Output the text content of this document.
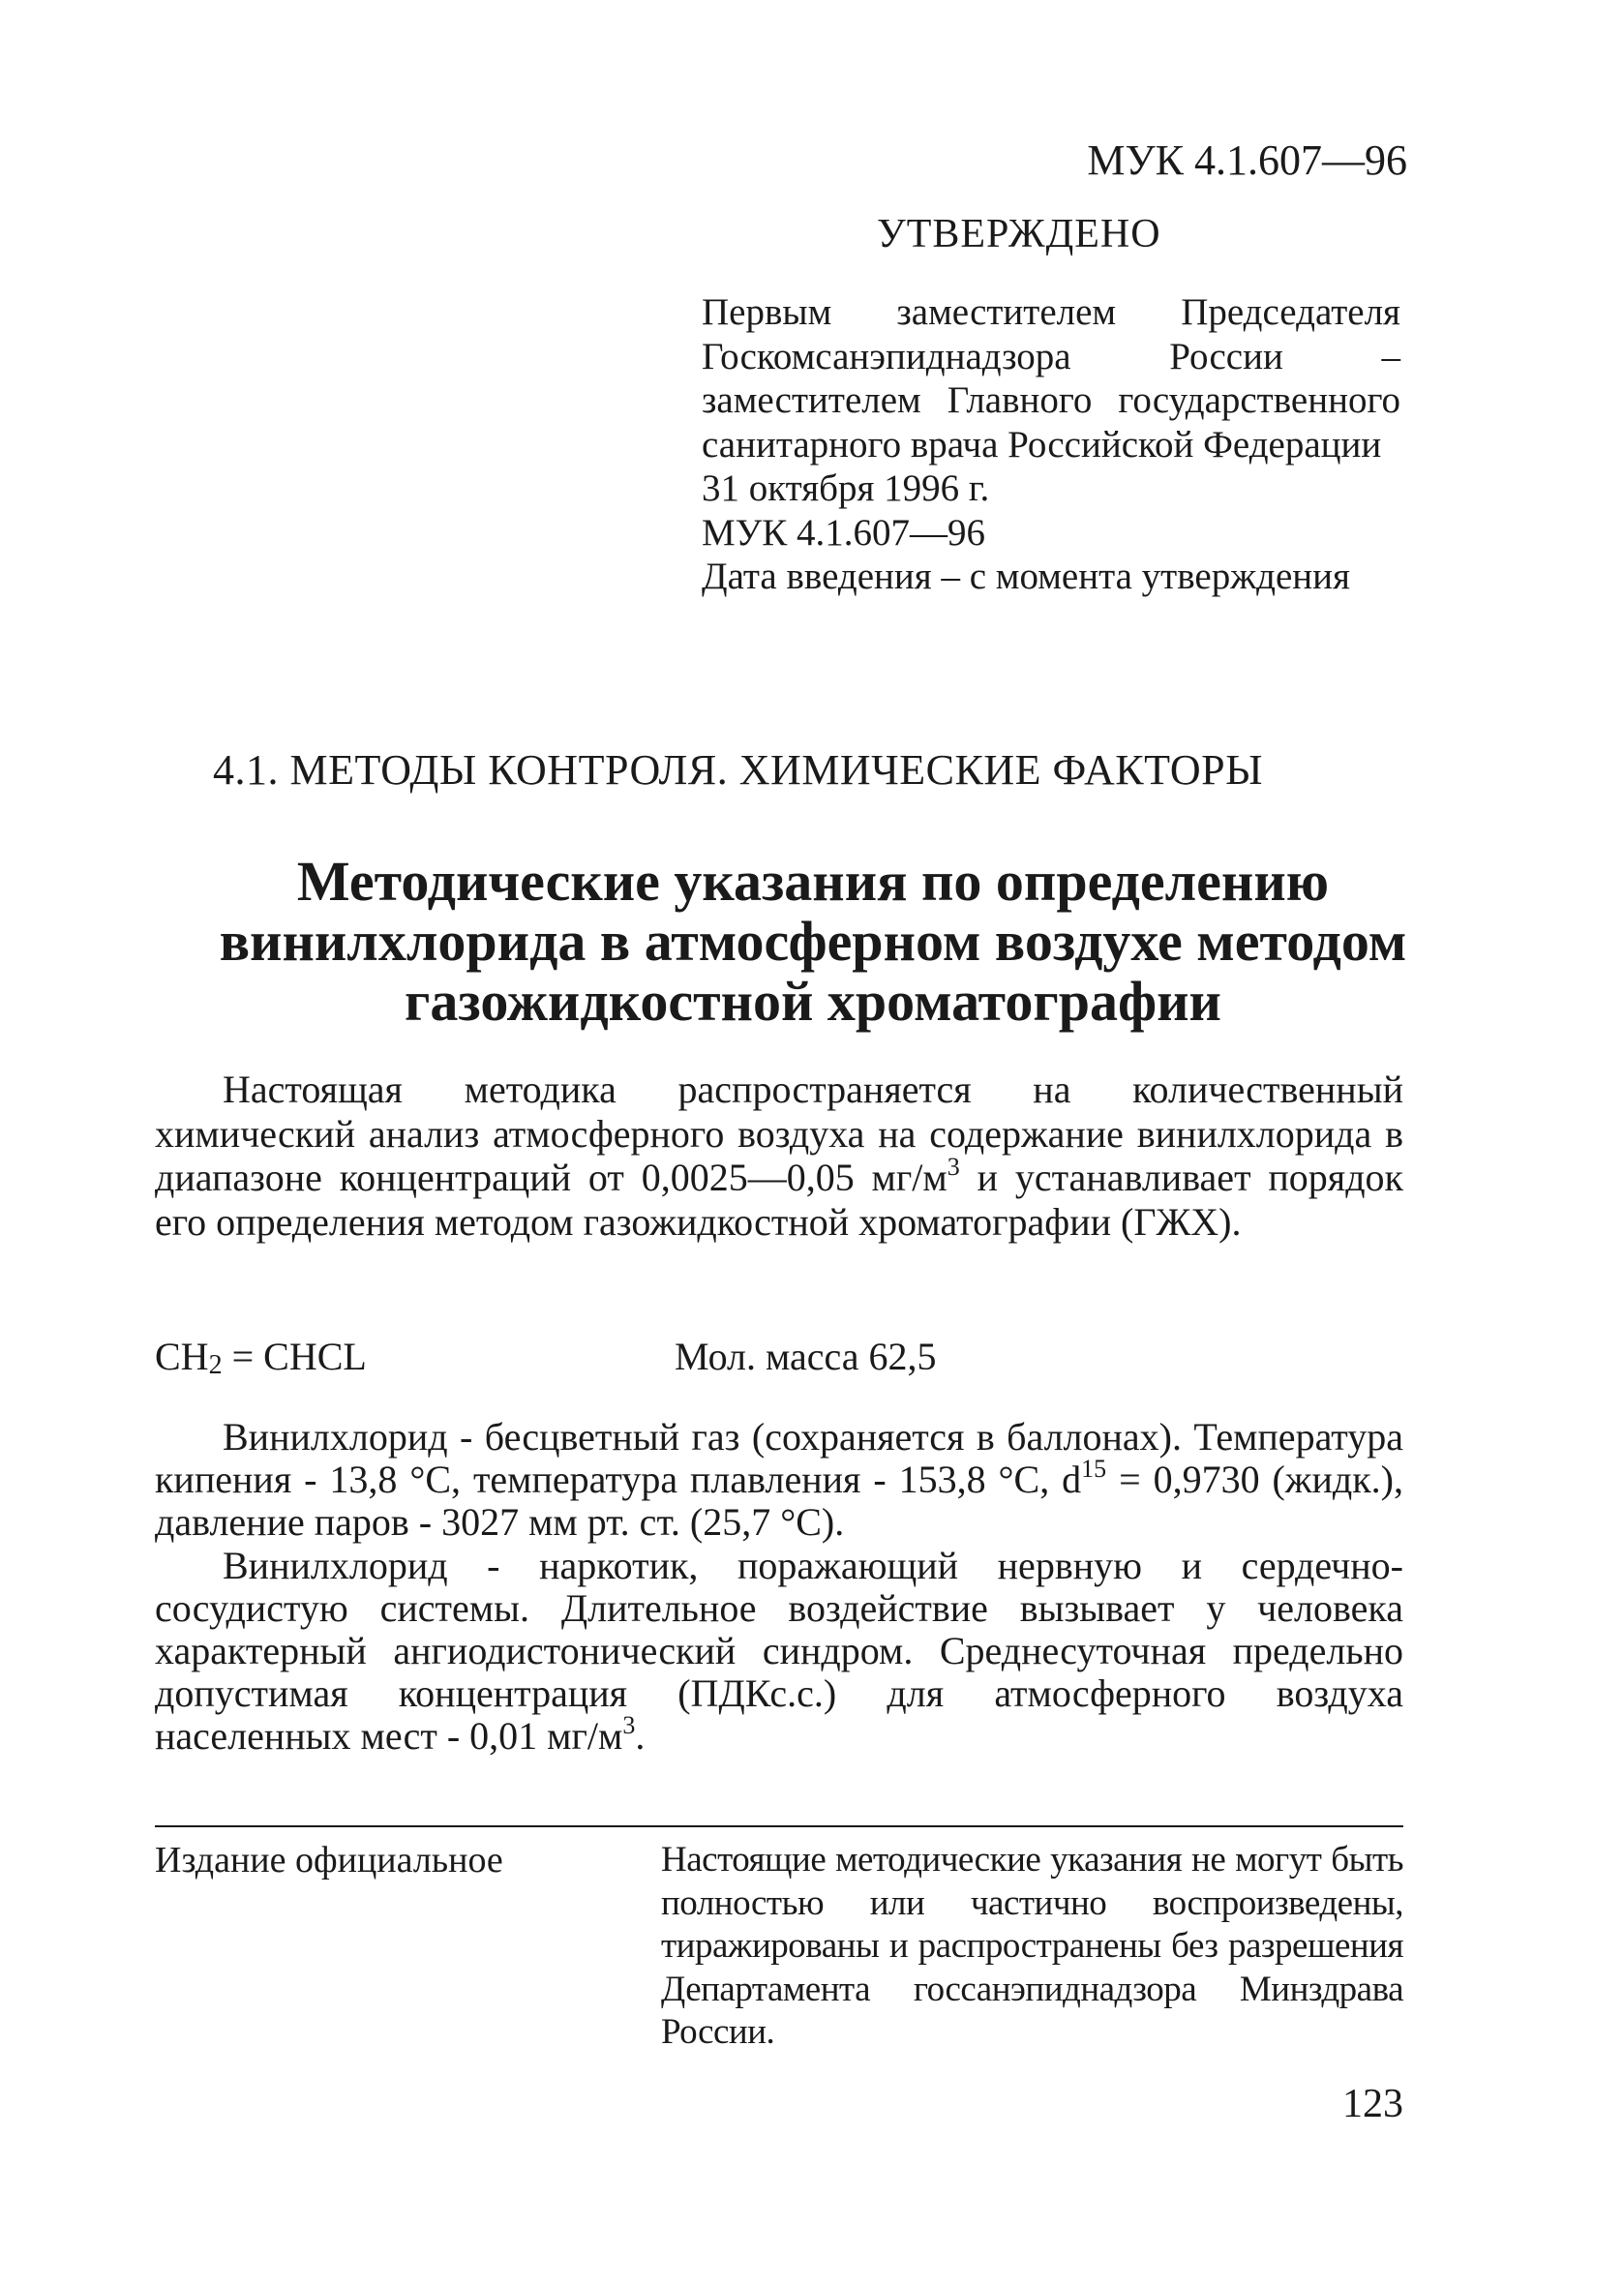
МУК 4.1.607—96
УТВЕРЖДЕНО

Первым заместителем Председателя Госкомсанэпиднадзора России – заместителем Главного государственного санитарного врача Российской Федерации

31 октября 1996 г.

МУК 4.1.607—96

Дата введения – с момента утверждения

4.1. МЕТОДЫ КОНТРОЛЯ. ХИМИЧЕСКИЕ ФАКТОРЫ
Методические указания по определению
винилхлорида в атмосферном воздухе методом
газожидкостной хроматографии

Настоящая методика распространяется на количественный химический анализ атмосферного воздуха на содержание винилхлорида в диапазоне концентраций от 0,0025—0,05 $мг/м^3$ и устанавливает порядок его определения методом газожидкостной хроматографии (ГЖХ).

$CH_2$ = CHCL	Мол. масса 62,5

Винилхлорид - бесцветный газ (сохраняется в баллонах). Температура кипения - 13,8 °С, температура плавления - 153,8 °С, $d^{15} = 0,9730$ (жидк.), давление паров - 3027 мм рт. ст. (25,7 °С).

Винилхлорид - наркотик, поражающий нервную и сердечно-сосудистую системы. Длительное воздействие вызывает у человека характерный ангиодистонический синдром. Среднесуточная предельно допустимая концентрация (ПДКс.с.) для атмосферного воздуха населенных мест - 0,01 $мг/м^3$.

Издание официальное	Настоящие методические указания не могут быть полностью или частично воспроизведены, тиражированы и распространены без разрешения Департамента госсанэпиднадзора Минздрава России.

123
